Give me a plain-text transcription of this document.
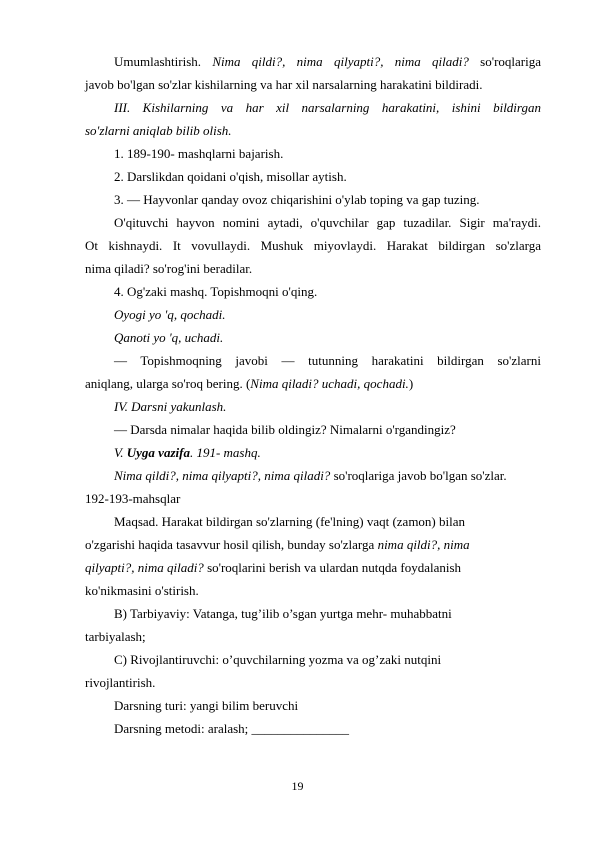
Umumlashtirish. Nima qildi?, nima qilyapti?, nima qiladi? so'roqlariga
javob bo'lgan so'zlar kishilarning va har xil narsalarning harakatini bildiradi.
III. Kishilarning va har xil narsalarning harakatini, ishini bildirgan
so'zlarni aniqlab bilib olish.
1. 189-190- mashqlarni bajarish.
2. Darslikdan qoidani o'qish, misollar aytish.
3. — Hayvonlar qanday ovoz chiqarishini o'ylab toping va gap tuzing.
O'qituvchi hayvon nomini aytadi, o'quvchilar gap tuzadilar. Sigir ma'raydi.
Ot kishnaydi. It vovullaydi. Mushuk miyovlaydi. Harakat bildirgan so'zlarga
nima qiladi? so'rog'ini beradilar.
4. Og'zaki mashq. Topishmoqni o'qing.
Oyogi yo 'q, qochadi.
Qanoti yo 'q, uchadi.
— Topishmoqning javobi — tutunning harakatini bildirgan so'zlarni
aniqlang, ularga so'roq bering. (Nima qiladi? uchadi, qochadi.)
IV. Darsni yakunlash.
— Darsda nimalar haqida bilib oldingiz? Nimalarni o'rgandingiz?
V. Uyga vazifa. 191- mashq.
Nima qildi?, nima qilyapti?, nima qiladi? so'roqlariga javob bo'lgan so'zlar.
192-193-mahsqlar
Maqsad. Harakat bildirgan so'zlarning (fe'lning) vaqt (zamon) bilan
o'zgarishi haqida tasavvur hosil qilish, bunday so'zlarga nima qildi?, nima
qilyapti?, nima qiladi? so'roqlarini berish va ulardan nutqda foydalanish
ko'nikmasini o'stirish.
B) Tarbiyaviy: Vatanga, tug’ilib o’sgan yurtga mehr- muhabbatni
tarbiyalash;
C) Rivojlantiruvchi: o’quvchilarning yozma va og’zaki nutqini
rivojlantirish.
Darsning turi: yangi bilim beruvchi
Darsning metodi: aralash; _______________
19
